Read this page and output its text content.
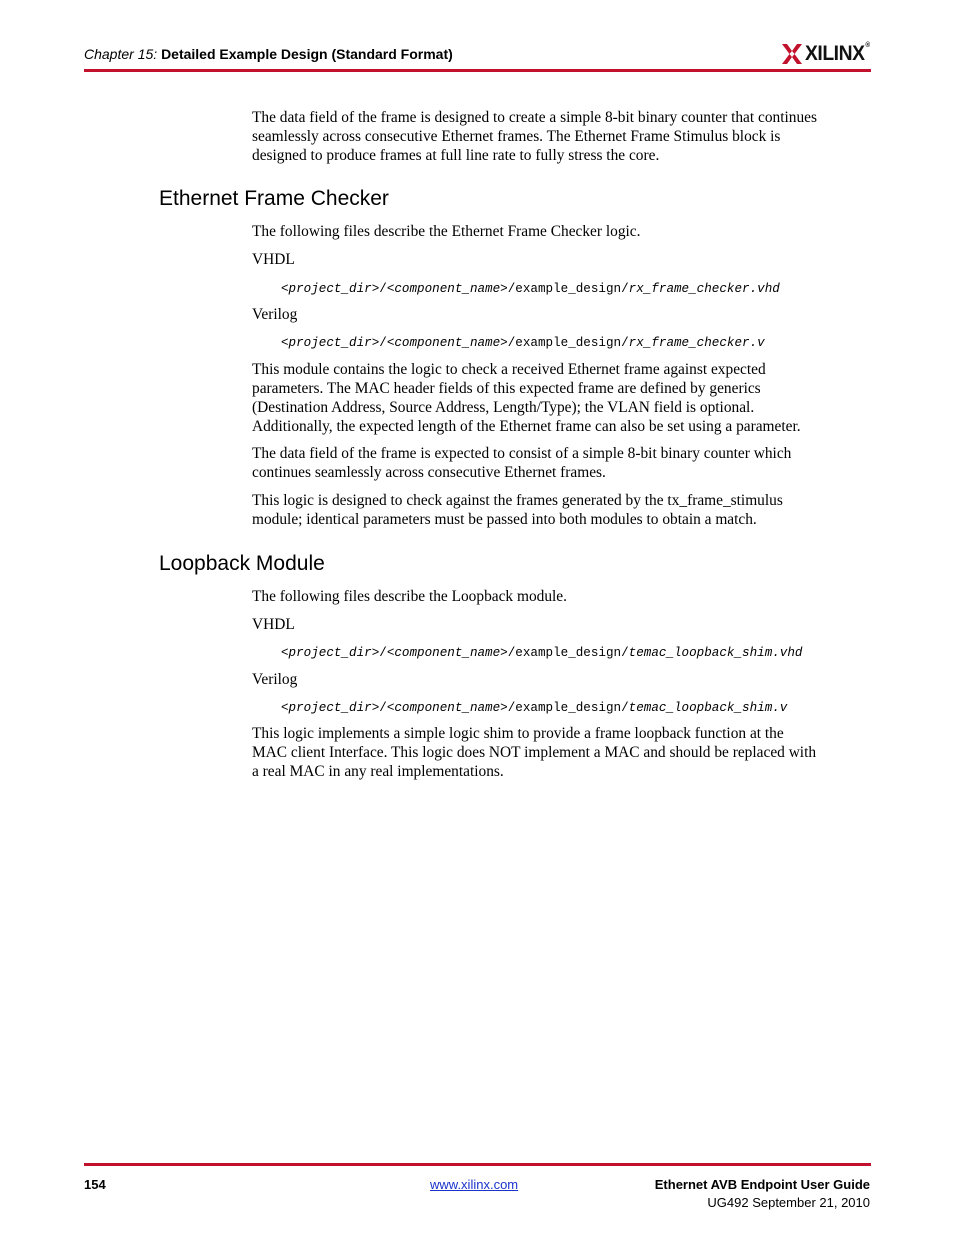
Chapter 15: Detailed Example Design (Standard Format)	XILINX®
The data field of the frame is designed to create a simple 8-bit binary counter that continues
seamlessly across consecutive Ethernet frames. The Ethernet Frame Stimulus block is
designed to produce frames at full line rate to fully stress the core.
Ethernet Frame Checker
The following files describe the Ethernet Frame Checker logic.
VHDL
<project_dir>/<component_name>/example_design/rx_frame_checker.vhd
Verilog
<project_dir>/<component_name>/example_design/rx_frame_checker.v
This module contains the logic to check a received Ethernet frame against expected
parameters. The MAC header fields of this expected frame are defined by generics
(Destination Address, Source Address, Length/Type); the VLAN field is optional.
Additionally, the expected length of the Ethernet frame can also be set using a parameter.
The data field of the frame is expected to consist of a simple 8-bit binary counter which
continues seamlessly across consecutive Ethernet frames.
This logic is designed to check against the frames generated by the tx_frame_stimulus
module; identical parameters must be passed into both modules to obtain a match.
Loopback Module
The following files describe the Loopback module.
VHDL
<project_dir>/<component_name>/example_design/temac_loopback_shim.vhd
Verilog
<project_dir>/<component_name>/example_design/temac_loopback_shim.v
This logic implements a simple logic shim to provide a frame loopback function at the
MAC client Interface. This logic does NOT implement a MAC and should be replaced with
a real MAC in any real implementations.
154	www.xilinx.com	Ethernet AVB Endpoint User Guide
UG492 September 21, 2010
